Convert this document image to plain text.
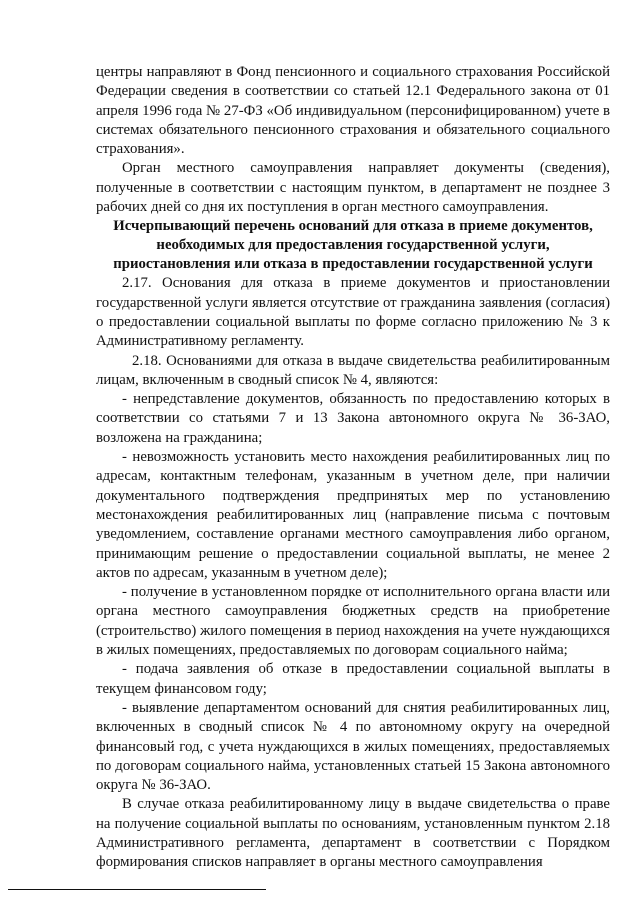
центры направляют в Фонд пенсионного и социального страхования Российской Федерации сведения в соответствии со статьей 12.1 Федерального закона от 01 апреля 1996 года № 27-ФЗ «Об индивидуальном (персонифицированном) учете в системах обязательного пенсионного страхования и обязательного социального страхования».

Орган местного самоуправления направляет документы (сведения), полученные в соответствии с настоящим пунктом, в департамент не позднее 3 рабочих дней со дня их поступления в орган местного самоуправления.

Исчерпывающий перечень оснований для отказа в приеме документов, необходимых для предоставления государственной услуги, приостановления или отказа в предоставлении государственной услуги

2.17. Основания для отказа в приеме документов и приостановлении государственной услуги является отсутствие от гражданина заявления (согласия) о предоставлении социальной выплаты по форме согласно приложению № 3 к Административному регламенту.

2.18. Основаниями для отказа в выдаче свидетельства реабилитированным лицам, включенным в сводный список № 4, являются:

- непредставление документов, обязанность по предоставлению которых в соответствии со статьями 7 и 13 Закона автономного округа № 36-ЗАО, возложена на гражданина;

- невозможность установить место нахождения реабилитированных лиц по адресам, контактным телефонам, указанным в учетном деле, при наличии документального подтверждения предпринятых мер по установлению местонахождения реабилитированных лиц (направление письма с почтовым уведомлением, составление органами местного самоуправления либо органом, принимающим решение о предоставлении социальной выплаты, не менее 2 актов по адресам, указанным в учетном деле);

- получение в установленном порядке от исполнительного органа власти или органа местного самоуправления бюджетных средств на приобретение (строительство) жилого помещения в период нахождения на учете нуждающихся в жилых помещениях, предоставляемых по договорам социального найма;

- подача заявления об отказе в предоставлении социальной выплаты в текущем финансовом году;

- выявление департаментом оснований для снятия реабилитированных лиц, включенных в сводный список № 4 по автономному округу на очередной финансовый год, с учета нуждающихся в жилых помещениях, предоставляемых по договорам социального найма, установленных статьей 15 Закона автономного округа № 36-ЗАО.

В случае отказа реабилитированному лицу в выдаче свидетельства о праве на получение социальной выплаты по основаниям, установленным пунктом 2.18 Административного регламента, департамент в соответствии с Порядком формирования списков направляет в органы местного самоуправления
